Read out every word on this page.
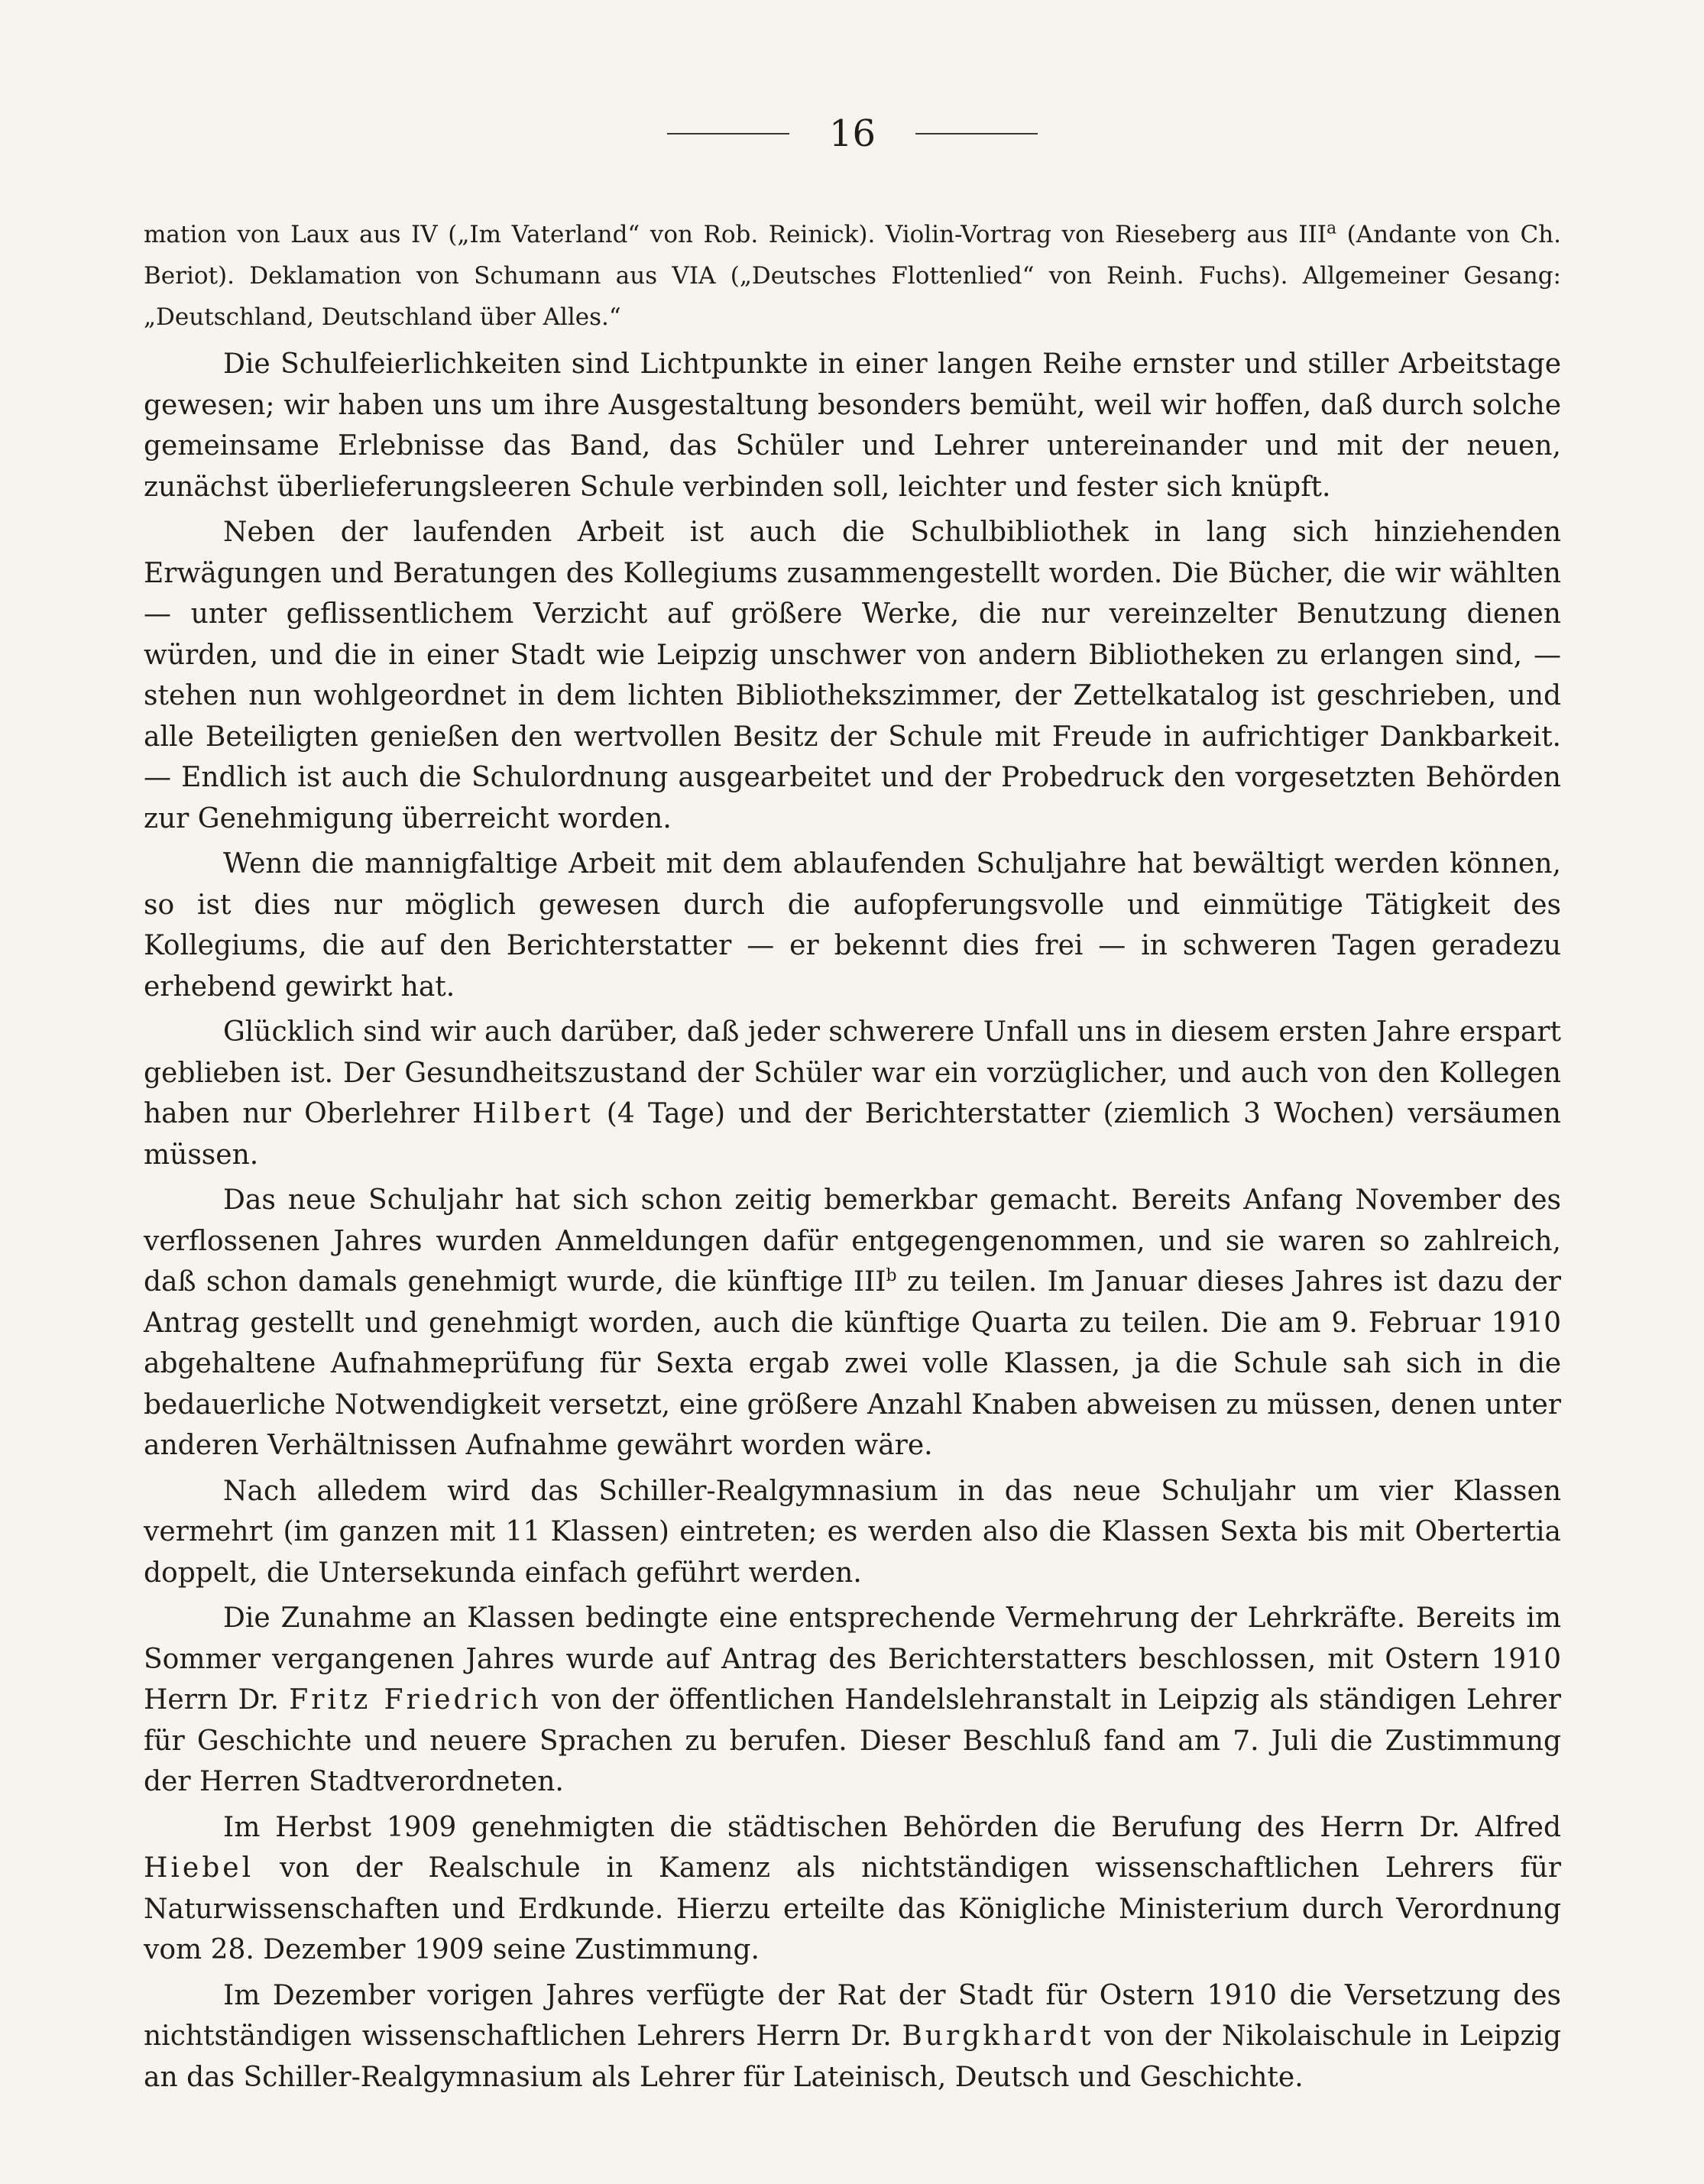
16

mation von Laux aus IV („Im Vaterland“ von Rob. Reinick). Violin-Vortrag von Rieseberg aus III$^a$ (Andante von Ch. Beriot). Deklamation von Schumann aus VIA („Deutsches Flottenlied“ von Reinh. Fuchs). Allgemeiner Gesang: „Deutschland, Deutschland über Alles.“

Die Schulfeierlichkeiten sind Lichtpunkte in einer langen Reihe ernster und stiller Arbeitstage gewesen; wir haben uns um ihre Ausgestaltung besonders bemüht, weil wir hoffen, daß durch solche gemeinsame Erlebnisse das Band, das Schüler und Lehrer untereinander und mit der neuen, zunächst überlieferungsleeren Schule verbinden soll, leichter und fester sich knüpft.

Neben der laufenden Arbeit ist auch die Schulbibliothek in lang sich hinziehenden Erwägungen und Beratungen des Kollegiums zusammengestellt worden. Die Bücher, die wir wählten — unter geflissentlichem Verzicht auf größere Werke, die nur vereinzelter Benutzung dienen würden, und die in einer Stadt wie Leipzig unschwer von andern Bibliotheken zu erlangen sind, — stehen nun wohlgeordnet in dem lichten Bibliothekszimmer, der Zettelkatalog ist geschrieben, und alle Beteiligten genießen den wertvollen Besitz der Schule mit Freude in aufrichtiger Dankbarkeit. — Endlich ist auch die Schulordnung ausgearbeitet und der Probedruck den vorgesetzten Behörden zur Genehmigung überreicht worden.

Wenn die mannigfaltige Arbeit mit dem ablaufenden Schuljahre hat bewältigt werden können, so ist dies nur möglich gewesen durch die aufopferungsvolle und einmütige Tätigkeit des Kollegiums, die auf den Berichterstatter — er bekennt dies frei — in schweren Tagen geradezu erhebend gewirkt hat.

Glücklich sind wir auch darüber, daß jeder schwerere Unfall uns in diesem ersten Jahre erspart geblieben ist. Der Gesundheitszustand der Schüler war ein vorzüglicher, und auch von den Kollegen haben nur Oberlehrer Hilbert (4 Tage) und der Berichterstatter (ziemlich 3 Wochen) versäumen müssen.

Das neue Schuljahr hat sich schon zeitig bemerkbar gemacht. Bereits Anfang November des verflossenen Jahres wurden Anmeldungen dafür entgegengenommen, und sie waren so zahlreich, daß schon damals genehmigt wurde, die künftige III$^b$ zu teilen. Im Januar dieses Jahres ist dazu der Antrag gestellt und genehmigt worden, auch die künftige Quarta zu teilen. Die am 9. Februar 1910 abgehaltene Aufnahmeprüfung für Sexta ergab zwei volle Klassen, ja die Schule sah sich in die bedauerliche Notwendigkeit versetzt, eine größere Anzahl Knaben abweisen zu müssen, denen unter anderen Verhältnissen Aufnahme gewährt worden wäre.

Nach alledem wird das Schiller-Realgymnasium in das neue Schuljahr um vier Klassen vermehrt (im ganzen mit 11 Klassen) eintreten; es werden also die Klassen Sexta bis mit Obertertia doppelt, die Untersekunda einfach geführt werden.

Die Zunahme an Klassen bedingte eine entsprechende Vermehrung der Lehrkräfte. Bereits im Sommer vergangenen Jahres wurde auf Antrag des Berichterstatters beschlossen, mit Ostern 1910 Herrn Dr. Fritz Friedrich von der öffentlichen Handelslehranstalt in Leipzig als ständigen Lehrer für Geschichte und neuere Sprachen zu berufen. Dieser Beschluß fand am 7. Juli die Zustimmung der Herren Stadtverordneten.

Im Herbst 1909 genehmigten die städtischen Behörden die Berufung des Herrn Dr. Alfred Hiebel von der Realschule in Kamenz als nichtständigen wissenschaftlichen Lehrers für Naturwissenschaften und Erdkunde. Hierzu erteilte das Königliche Ministerium durch Verordnung vom 28. Dezember 1909 seine Zustimmung.

Im Dezember vorigen Jahres verfügte der Rat der Stadt für Ostern 1910 die Versetzung des nichtständigen wissenschaftlichen Lehrers Herrn Dr. Burgkhardt von der Nikolaischule in Leipzig an das Schiller-Realgymnasium als Lehrer für Lateinisch, Deutsch und Geschichte.
